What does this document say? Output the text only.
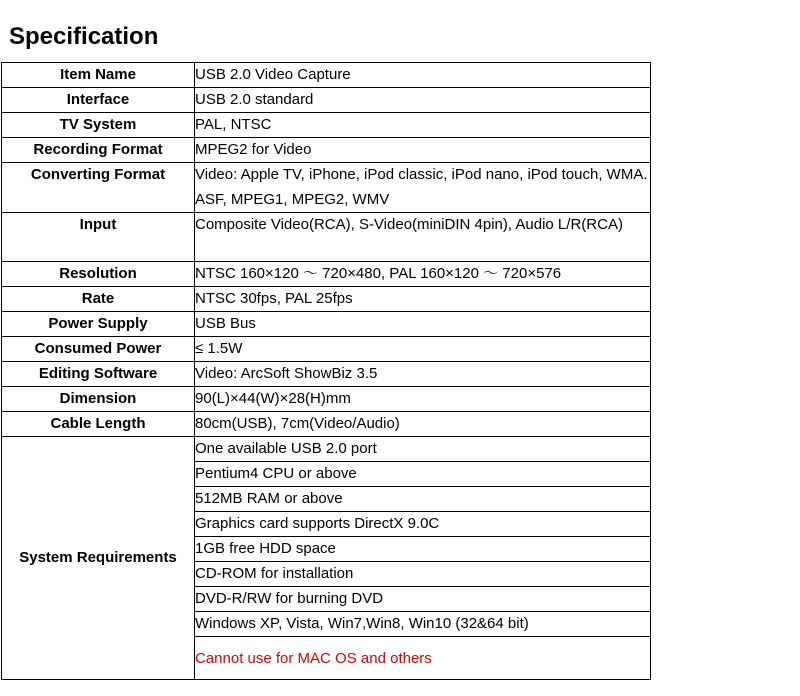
Specification
Item Name	USB 2.0 Video Capture
Interface	USB 2.0 standard
TV System	PAL, NTSC
Recording Format	MPEG2 for Video
Converting Format	Video: Apple TV, iPhone, iPod classic, iPod nano, iPod touch, WMA. ASF, MPEG1, MPEG2, WMV
Input	Composite Video(RCA), S-Video(miniDIN 4pin), Audio L/R(RCA)
Resolution	NTSC 160×120 ～ 720×480, PAL 160×120 ～ 720×576
Rate	NTSC 30fps, PAL 25fps
Power Supply	USB Bus
Consumed Power	≤ 1.5W
Editing Software	Video: ArcSoft ShowBiz 3.5
Dimension	90(L)×44(W)×28(H)mm
Cable Length	80cm(USB), 7cm(Video/Audio)
System Requirements	One available USB 2.0 port
	Pentium4 CPU or above
	512MB RAM or above
	Graphics card supports DirectX 9.0C
	1GB free HDD space
	CD-ROM for installation
	DVD-R/RW for burning DVD
	Windows XP, Vista, Win7,Win8, Win10 (32&64 bit)
	Cannot use for MAC OS and others
